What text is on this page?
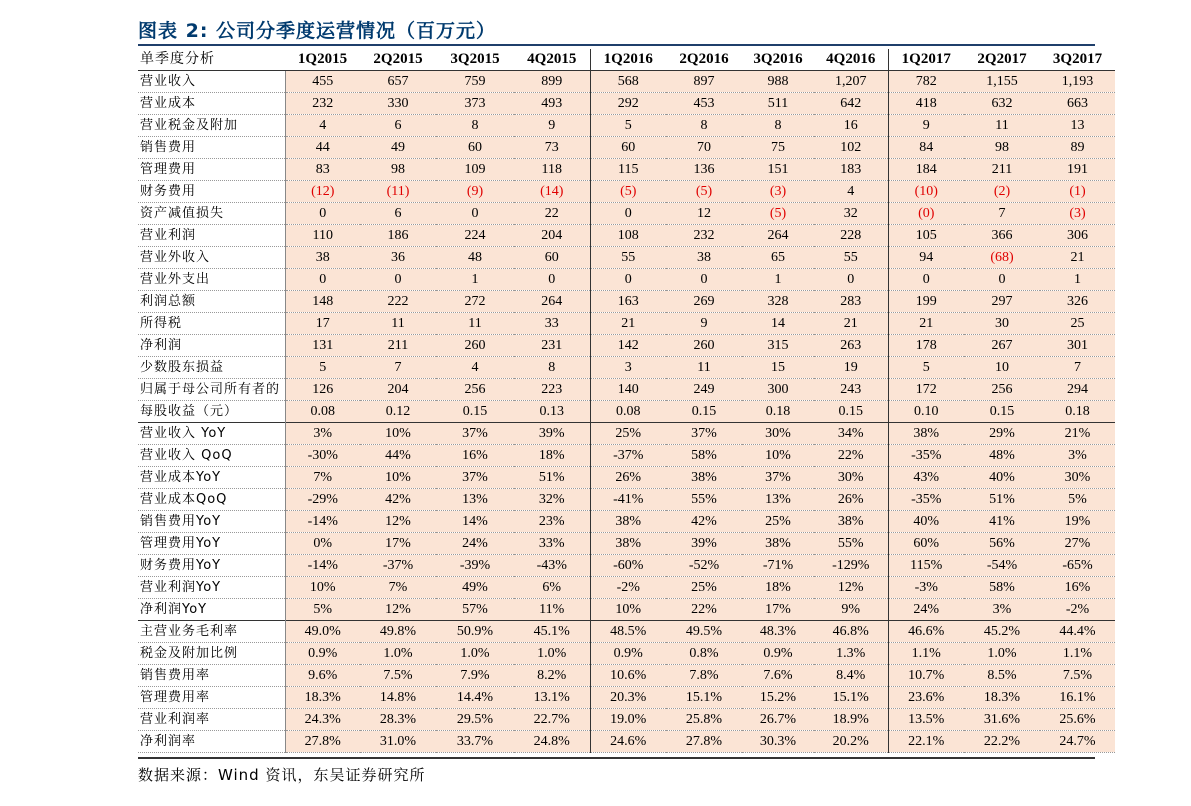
图表 2: 公司分季度运营情况（百万元）
单季度分析	1Q2015	2Q2015	3Q2015	4Q2015	1Q2016	2Q2016	3Q2016	4Q2016	1Q2017	2Q2017	3Q2017
营业收入	455	657	759	899	568	897	988	1,207	782	1,155	1,193
营业成本	232	330	373	493	292	453	511	642	418	632	663
营业税金及附加	4	6	8	9	5	8	8	16	9	11	13
销售费用	44	49	60	73	60	70	75	102	84	98	89
管理费用	83	98	109	118	115	136	151	183	184	211	191
财务费用	(12)	(11)	(9)	(14)	(5)	(5)	(3)	4	(10)	(2)	(1)
资产减值损失	0	6	0	22	0	12	(5)	32	(0)	7	(3)
营业利润	110	186	224	204	108	232	264	228	105	366	306
营业外收入	38	36	48	60	55	38	65	55	94	(68)	21
营业外支出	0	0	1	0	0	0	1	0	0	0	1
利润总额	148	222	272	264	163	269	328	283	199	297	326
所得税	17	11	11	33	21	9	14	21	21	30	25
净利润	131	211	260	231	142	260	315	263	178	267	301
少数股东损益	5	7	4	8	3	11	15	19	5	10	7
归属于母公司所有者的	126	204	256	223	140	249	300	243	172	256	294
每股收益（元）	0.08	0.12	0.15	0.13	0.08	0.15	0.18	0.15	0.10	0.15	0.18
营业收入 YoY	3%	10%	37%	39%	25%	37%	30%	34%	38%	29%	21%
营业收入 QoQ	-30%	44%	16%	18%	-37%	58%	10%	22%	-35%	48%	3%
营业成本YoY	7%	10%	37%	51%	26%	38%	37%	30%	43%	40%	30%
营业成本QoQ	-29%	42%	13%	32%	-41%	55%	13%	26%	-35%	51%	5%
销售费用YoY	-14%	12%	14%	23%	38%	42%	25%	38%	40%	41%	19%
管理费用YoY	0%	17%	24%	33%	38%	39%	38%	55%	60%	56%	27%
财务费用YoY	-14%	-37%	-39%	-43%	-60%	-52%	-71%	-129%	115%	-54%	-65%
营业利润YoY	10%	7%	49%	6%	-2%	25%	18%	12%	-3%	58%	16%
净利润YoY	5%	12%	57%	11%	10%	22%	17%	9%	24%	3%	-2%
主营业务毛利率	49.0%	49.8%	50.9%	45.1%	48.5%	49.5%	48.3%	46.8%	46.6%	45.2%	44.4%
税金及附加比例	0.9%	1.0%	1.0%	1.0%	0.9%	0.8%	0.9%	1.3%	1.1%	1.0%	1.1%
销售费用率	9.6%	7.5%	7.9%	8.2%	10.6%	7.8%	7.6%	8.4%	10.7%	8.5%	7.5%
管理费用率	18.3%	14.8%	14.4%	13.1%	20.3%	15.1%	15.2%	15.1%	23.6%	18.3%	16.1%
营业利润率	24.3%	28.3%	29.5%	22.7%	19.0%	25.8%	26.7%	18.9%	13.5%	31.6%	25.6%
净利润率	27.8%	31.0%	33.7%	24.8%	24.6%	27.8%	30.3%	20.2%	22.1%	22.2%	24.7%
数据来源：Wind 资讯，东吴证券研究所
